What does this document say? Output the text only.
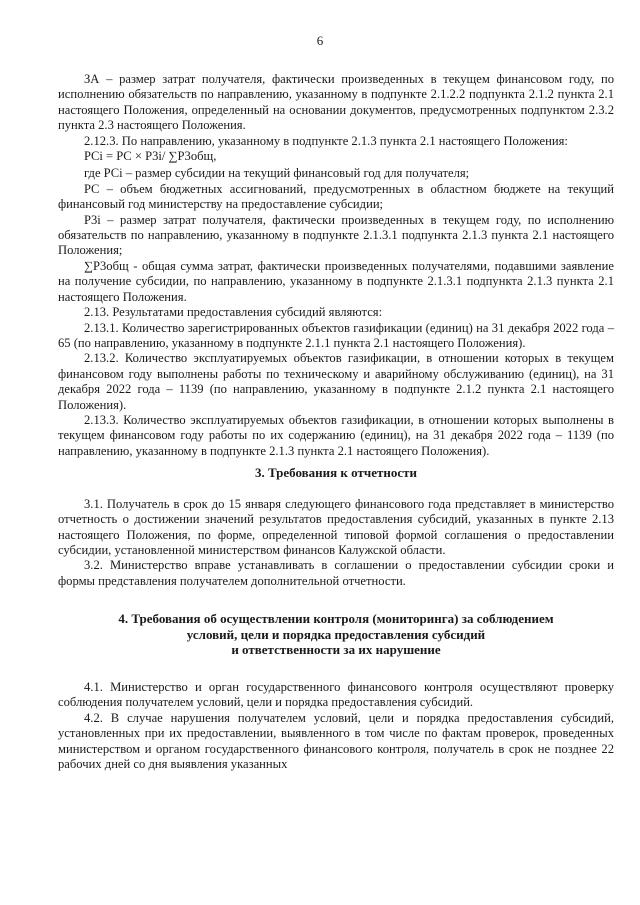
6

ЗА – размер затрат получателя, фактически произведенных в текущем финансовом году, по исполнению обязательств по направлению, указанному в подпункте 2.1.2.2 подпункта 2.1.2 пункта 2.1 настоящего Положения, определенный на основании документов, предусмотренных подпунктом 2.3.2 пункта 2.3 настоящего Положения.

2.12.3. По направлению, указанному в подпункте 2.1.3 пункта 2.1 настоящего Положения:

PCi = PC × P3i/ ∑P3общ,

где PCi – размер субсидии на текущий финансовый год для получателя;

PC – объем бюджетных ассигнований, предусмотренных в областном бюджете на текущий финансовый год министерству на предоставление субсидии;

P3i – размер затрат получателя, фактически произведенных в текущем году, по исполнению обязательств по направлению, указанному в подпункте 2.1.3.1 подпункта 2.1.3 пункта 2.1 настоящего Положения;

∑P3общ - общая сумма затрат, фактически произведенных получателями, подавшими заявление на получение субсидии, по направлению, указанному в подпункте 2.1.3.1 подпункта 2.1.3 пункта 2.1 настоящего Положения.

2.13. Результатами предоставления субсидий являются:

2.13.1. Количество зарегистрированных объектов газификации (единиц) на 31 декабря 2022 года – 65 (по направлению, указанному в подпункте 2.1.1 пункта 2.1 настоящего Положения).

2.13.2. Количество эксплуатируемых объектов газификации, в отношении которых в текущем финансовом году выполнены работы по техническому и аварийному обслуживанию (единиц), на 31 декабря 2022 года – 1139 (по направлению, указанному в подпункте 2.1.2 пункта 2.1 настоящего Положения).

2.13.3. Количество эксплуатируемых объектов газификации, в отношении которых выполнены в текущем финансовом году работы по их содержанию (единиц), на 31 декабря 2022 года – 1139 (по направлению, указанному в подпункте 2.1.3 пункта 2.1 настоящего Положения).

3. Требования к отчетности

3.1. Получатель в срок до 15 января следующего финансового года представляет в министерство отчетность о достижении значений результатов предоставления субсидий, указанных в пункте 2.13 настоящего Положения, по форме, определенной типовой формой соглашения о предоставлении субсидии, установленной министерством финансов Калужской области.

3.2. Министерство вправе устанавливать в соглашении о предоставлении субсидии сроки и формы представления получателем дополнительной отчетности.

4. Требования об осуществлении контроля (мониторинга) за соблюдением
условий, цели и порядка предоставления субсидий
и ответственности за их нарушение

4.1. Министерство и орган государственного финансового контроля осуществляют проверку соблюдения получателем условий, цели и порядка предоставления субсидий.

4.2. В случае нарушения получателем условий, цели и порядка предоставления субсидий, установленных при их предоставлении, выявленного в том числе по фактам проверок, проведенных министерством и органом государственного финансового контроля, получатель в срок не позднее 22 рабочих дней со дня выявления указанных
